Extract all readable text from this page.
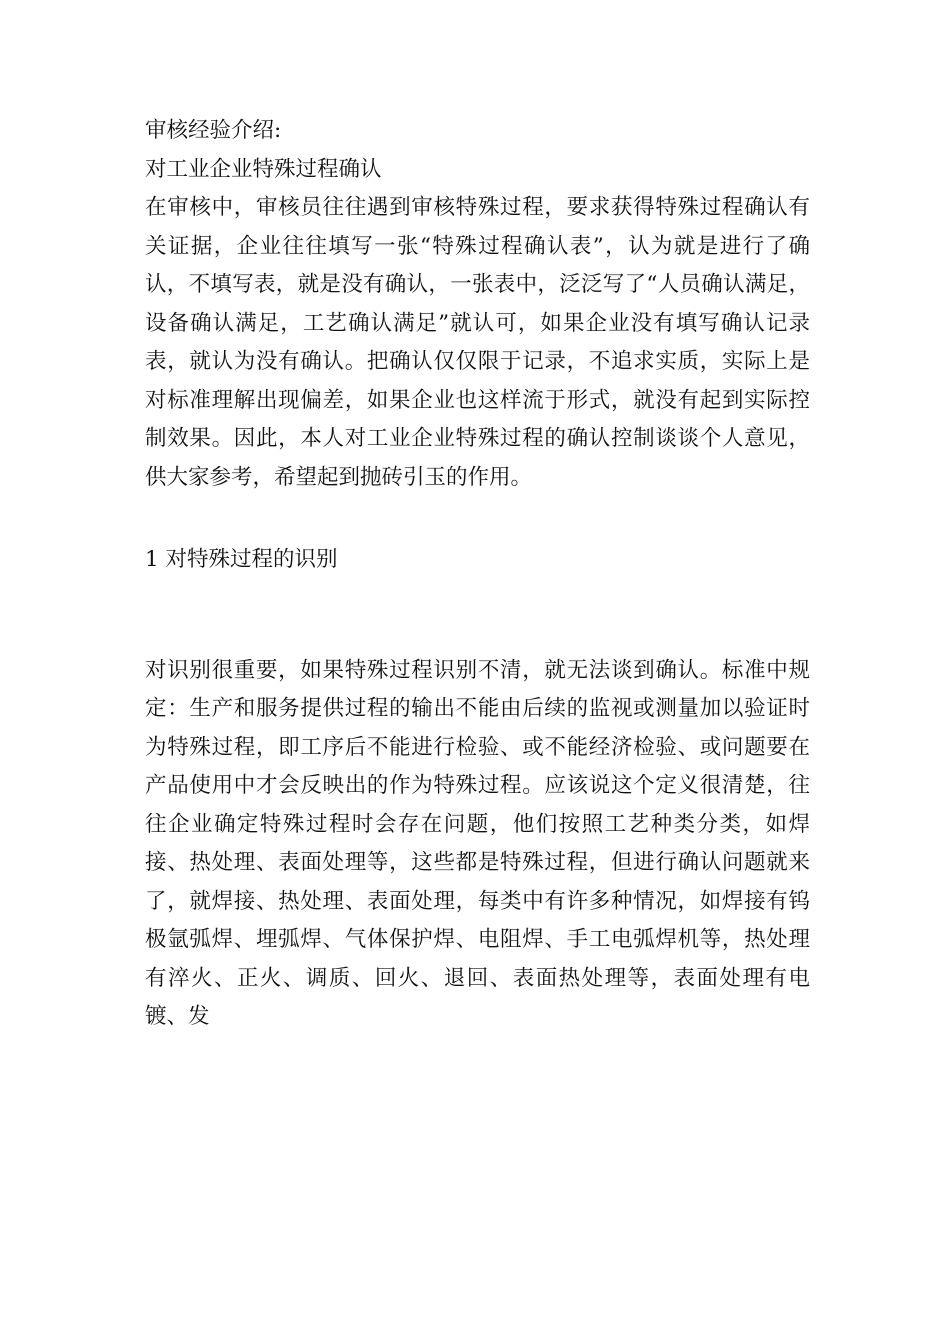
审核经验介绍:

对工业企业特殊过程确认

在审核中，审核员往往遇到审核特殊过程，要求获得特殊过程确认有关证据，企业往往填写一张“特殊过程确认表”，认为就是进行了确认，不填写表，就是没有确认，一张表中，泛泛写了“人员确认满足，设备确认满足，工艺确认满足”就认可，如果企业没有填写确认记录表，就认为没有确认。把确认仅仅限于记录，不追求实质，实际上是对标准理解出现偏差，如果企业也这样流于形式，就没有起到实际控制效果。因此，本人对工业企业特殊过程的确认控制谈谈个人意见，供大家参考，希望起到抛砖引玉的作用。

1 对特殊过程的识别

对识别很重要，如果特殊过程识别不清，就无法谈到确认。标准中规定：生产和服务提供过程的输出不能由后续的监视或测量加以验证时为特殊过程，即工序后不能进行检验、或不能经济检验、或问题要在产品使用中才会反映出的作为特殊过程。应该说这个定义很清楚，往往企业确定特殊过程时会存在问题，他们按照工艺种类分类，如焊接、热处理、表面处理等，这些都是特殊过程，但进行确认问题就来了，就焊接、热处理、表面处理，每类中有许多种情况，如焊接有钨极氩弧焊、埋弧焊、气体保护焊、电阻焊、手工电弧焊机等，热处理有淬火、正火、调质、回火、退回、表面热处理等，表面处理有电镀、发
